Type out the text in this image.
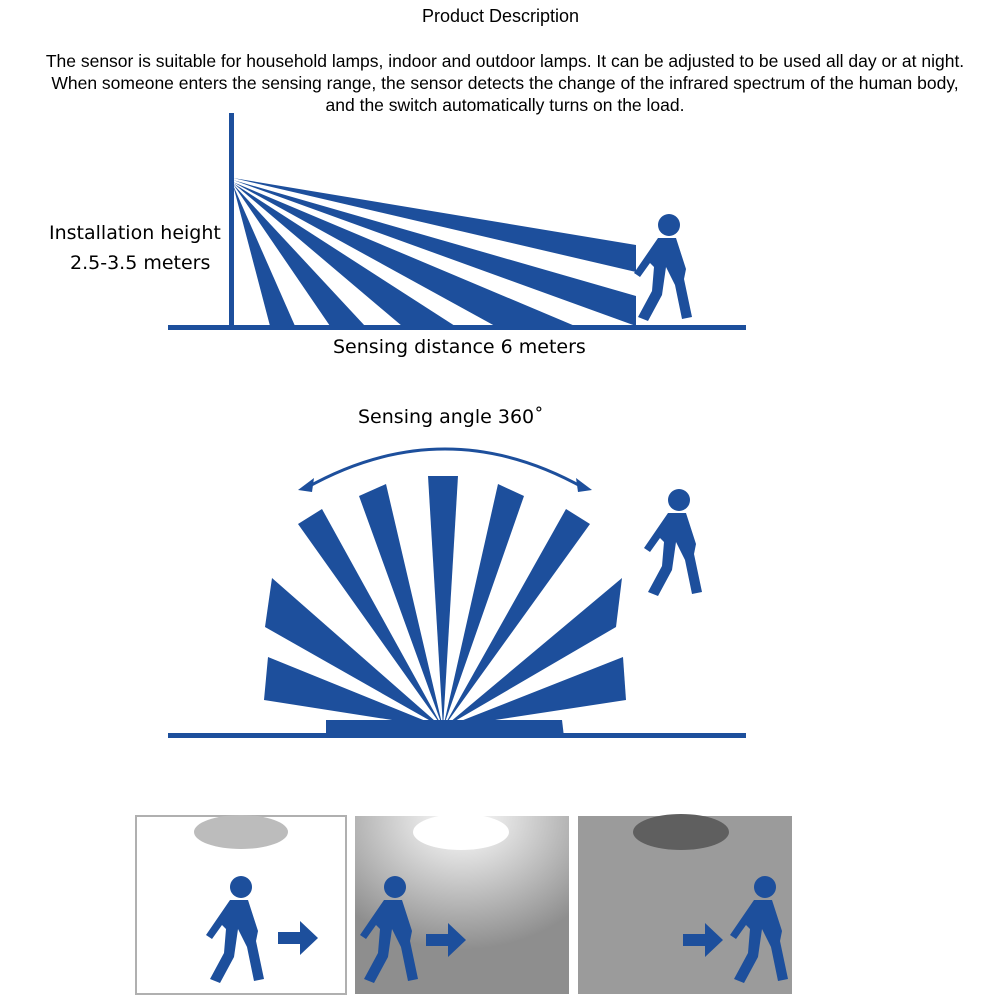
Product Description
The sensor is suitable for household lamps, indoor and outdoor lamps. It can be adjusted to be used all day or at night. When someone enters the sensing range, the sensor detects the change of the infrared spectrum of the human body, and the switch automatically turns on the load.
Installation height
2.5-3.5 meters
Sensing distance 6 meters
Sensing angle 360˚
